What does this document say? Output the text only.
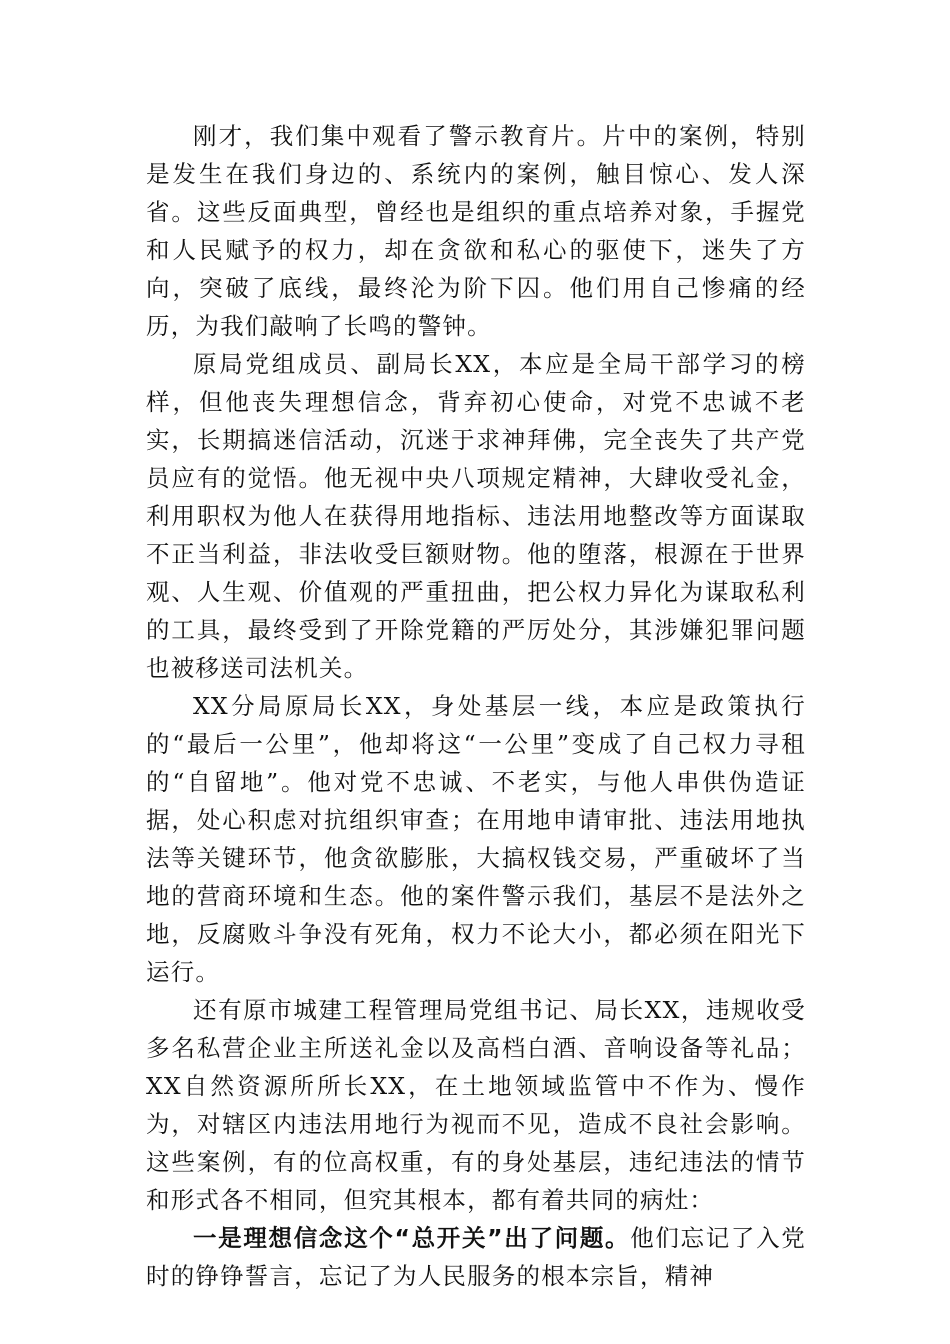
刚才，我们集中观看了警示教育片。片中的案例，特别是发生在我们身边的、系统内的案例，触目惊心、发人深省。这些反面典型，曾经也是组织的重点培养对象，手握党和人民赋予的权力，却在贪欲和私心的驱使下，迷失了方向，突破了底线，最终沦为阶下囚。他们用自己惨痛的经历，为我们敲响了长鸣的警钟。

原局党组成员、副局长XX，本应是全局干部学习的榜样，但他丧失理想信念，背弃初心使命，对党不忠诚不老实，长期搞迷信活动，沉迷于求神拜佛，完全丧失了共产党员应有的觉悟。他无视中央八项规定精神，大肆收受礼金，利用职权为他人在获得用地指标、违法用地整改等方面谋取不正当利益，非法收受巨额财物。他的堕落，根源在于世界观、人生观、价值观的严重扭曲，把公权力异化为谋取私利的工具，最终受到了开除党籍的严厉处分，其涉嫌犯罪问题也被移送司法机关。

XX分局原局长XX，身处基层一线，本应是政策执行的“最后一公里”，他却将这“一公里”变成了自己权力寻租的“自留地”。他对党不忠诚、不老实，与他人串供伪造证据，处心积虑对抗组织审查；在用地申请审批、违法用地执法等关键环节，他贪欲膨胀，大搞权钱交易，严重破坏了当地的营商环境和生态。他的案件警示我们，基层不是法外之地，反腐败斗争没有死角，权力不论大小，都必须在阳光下运行。

还有原市城建工程管理局党组书记、局长XX，违规收受多名私营企业主所送礼金以及高档白酒、音响设备等礼品；XX自然资源所所长XX，在土地领域监管中不作为、慢作为，对辖区内违法用地行为视而不见，造成不良社会影响。这些案例，有的位高权重，有的身处基层，违纪违法的情节和形式各不相同，但究其根本，都有着共同的病灶：

一是理想信念这个“总开关”出了问题。他们忘记了入党时的铮铮誓言，忘记了为人民服务的根本宗旨，精神
